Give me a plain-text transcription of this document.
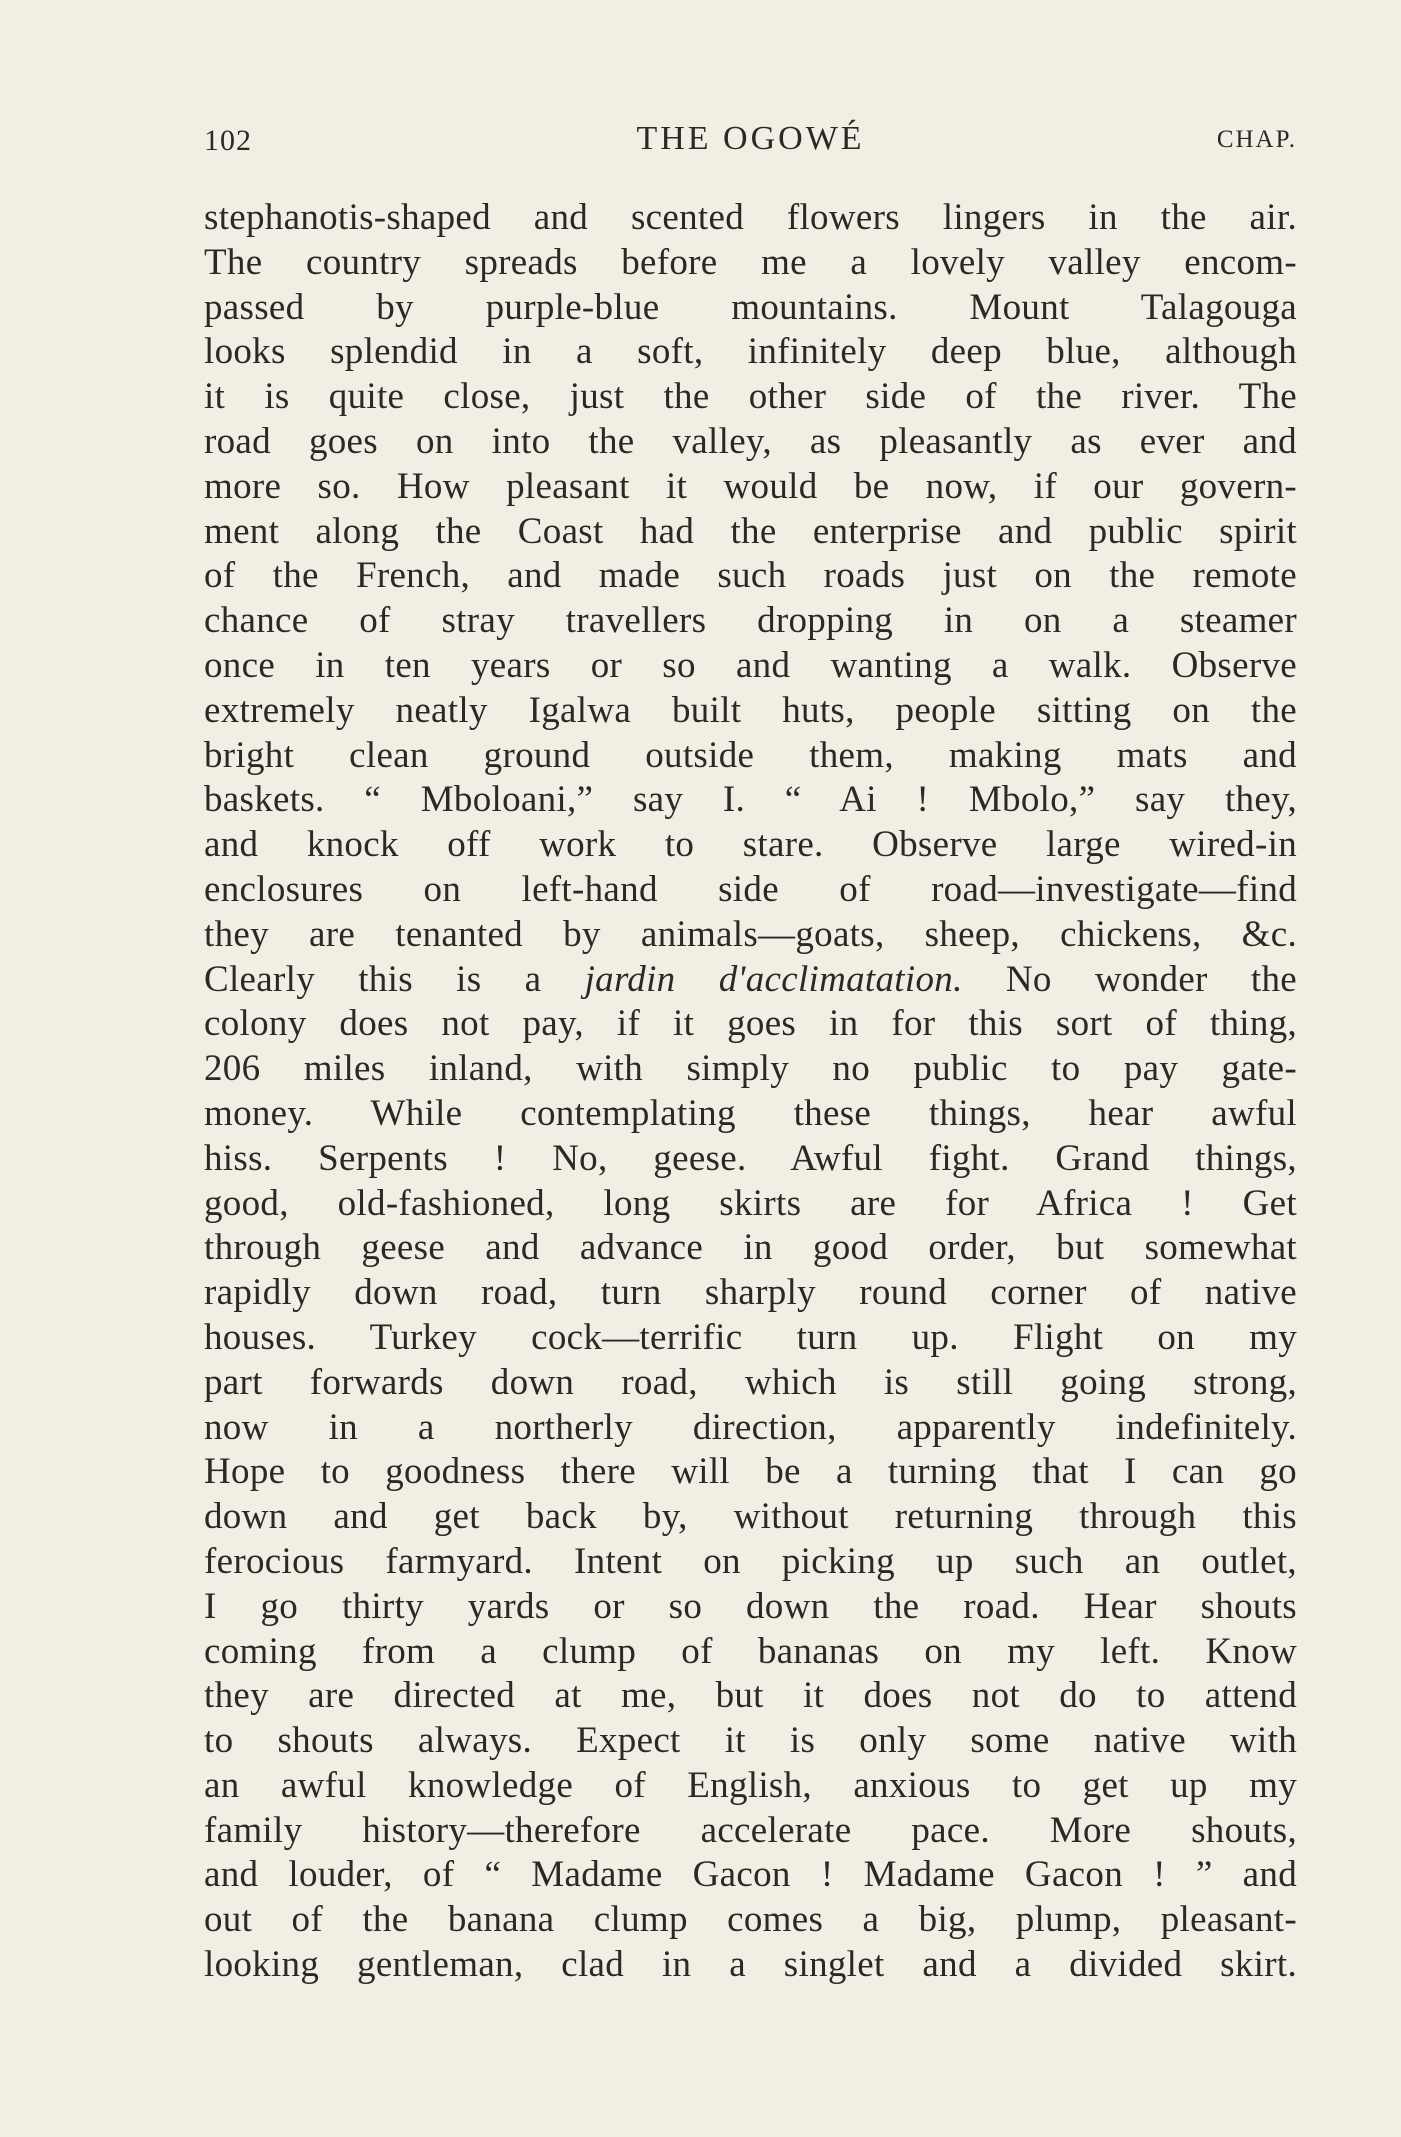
102	THE OGOWÉ	CHAP.
stephanotis-shaped and scented flowers lingers in the air.
The country spreads before me a lovely valley encom-
passed by purple-blue mountains. Mount Talagouga
looks splendid in a soft, infinitely deep blue, although
it is quite close, just the other side of the river. The
road goes on into the valley, as pleasantly as ever and
more so. How pleasant it would be now, if our govern-
ment along the Coast had the enterprise and public spirit
of the French, and made such roads just on the remote
chance of stray travellers dropping in on a steamer
once in ten years or so and wanting a walk. Observe
extremely neatly Igalwa built huts, people sitting on the
bright clean ground outside them, making mats and
baskets. “ Mboloani,” say I. “ Ai ! Mbolo,” say they,
and knock off work to stare. Observe large wired-in
enclosures on left-hand side of road—investigate—find
they are tenanted by animals—goats, sheep, chickens, &c.
Clearly this is a jardin d'acclimatation. No wonder the
colony does not pay, if it goes in for this sort of thing,
206 miles inland, with simply no public to pay gate-
money. While contemplating these things, hear awful
hiss. Serpents ! No, geese. Awful fight. Grand things,
good, old-fashioned, long skirts are for Africa ! Get
through geese and advance in good order, but somewhat
rapidly down road, turn sharply round corner of native
houses. Turkey cock—terrific turn up. Flight on my
part forwards down road, which is still going strong,
now in a northerly direction, apparently indefinitely.
Hope to goodness there will be a turning that I can go
down and get back by, without returning through this
ferocious farmyard. Intent on picking up such an outlet,
I go thirty yards or so down the road. Hear shouts
coming from a clump of bananas on my left. Know
they are directed at me, but it does not do to attend
to shouts always. Expect it is only some native with
an awful knowledge of English, anxious to get up my
family history—therefore accelerate pace. More shouts,
and louder, of “ Madame Gacon ! Madame Gacon ! ” and
out of the banana clump comes a big, plump, pleasant-
looking gentleman, clad in a singlet and a divided skirt.
